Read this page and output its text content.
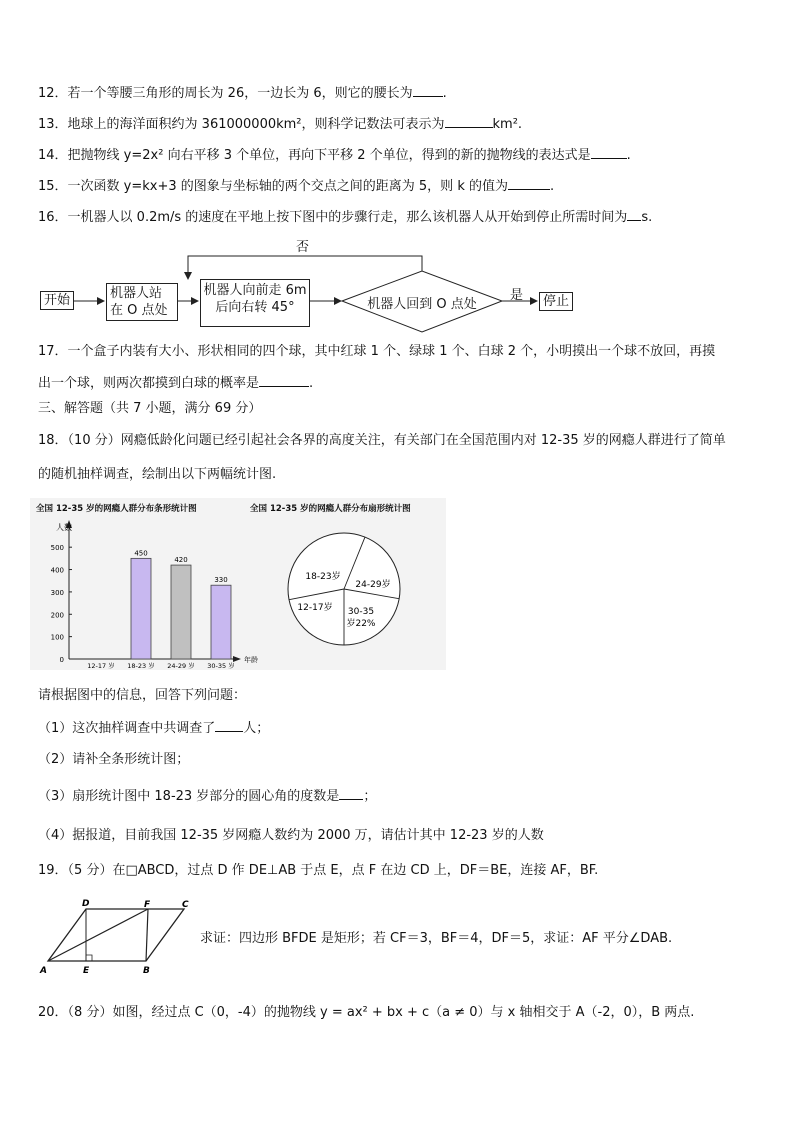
12．若一个等腰三角形的周长为 26，一边长为 6，则它的腰长为 .
13．地球上的海洋面积约为 361000000km²，则科学记数法可表示为	km².
14．把抛物线 y=2x² 向右平移 3 个单位，再向下平移 2 个单位，得到的新的抛物线的表达式是	.
15．一次函数 y=kx+3 的图象与坐标轴的两个交点之间的距离为 5，则 k 的值为	.
16．一机器人以 0.2m/s 的速度在平地上按下图中的步骤行走，那么该机器人从开始到停止所需时间为 s.
开始	机器人站
在 O 点处
机器人向前走 6m
后向右转 45°	机器人回到 O 点处
否
是	停止
17．一个盒子内装有大小、形状相同的四个球，其中红球 1 个、绿球 1 个、白球 2 个，小明摸出一个球不放回，再摸
出一个球，则两次都摸到白球的概率是	.
三、解答题（共 7 小题，满分 69 分）
18．（10 分）网瘾低龄化问题已经引起社会各界的高度关注，有关部门在全国范围内对 12-35 岁的网瘾人群进行了简单
的随机抽样调查，绘制出以下两幅统计图.
全国 12-35 岁的网瘾人群分布条形统计图	全国 12-35 岁的网瘾人群分布扇形统计图
人数
年龄
0
100
200
300
400
500
12-17 岁
450
18-23 岁
420
24-29 岁
330
30-35 岁
18-23岁
24-29岁
30-35
岁22%
12-17岁
请根据图中的信息，回答下列问题：
（1）这次抽样调查中共调查了 人；
（2）请补全条形统计图；
（3）扇形统计图中 18-23 岁部分的圆心角的度数是 ；
（4）据报道，目前我国 12-35 岁网瘾人数约为 2000 万，请估计其中 12-23 岁的人数
19．（5 分）在□ABCD，过点 D 作 DE⊥AB 于点 E，点 F 在边 CD 上，DF＝BE，连接 AF，BF.
A	E	B
C
D	F
求证：四边形 BFDE 是矩形；若 CF＝3，BF＝4，DF＝5，求证：AF 平分∠DAB.
20．（8 分）如图，经过点 C（0，-4）的抛物线 y = ax² + bx + c（a ≠ 0）与 x 轴相交于 A（-2，0），B 两点.
